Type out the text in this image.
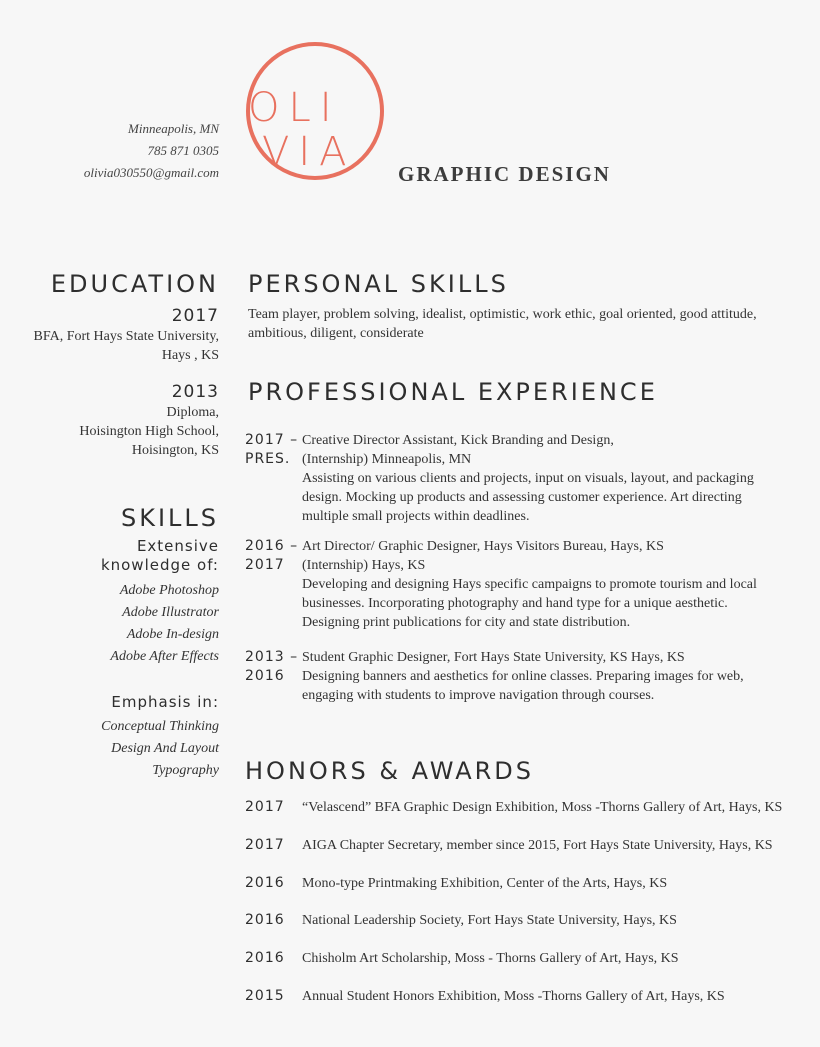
Minneapolis, MN
785 871 0305
olivia030550@gmail.com
OLI
VIA GRAPHIC DESIGN
EDUCATION
2017
BFA, Fort Hays State University,
Hays , KS
2013
Diploma,
Hoisington High School,
Hoisington, KS
SKILLS
Extensive
knowledge of:
Adobe Photoshop
Adobe Illustrator
Adobe In-design
Adobe After Effects
Emphasis in:
Conceptual Thinking
Design And Layout
Typography
PERSONAL SKILLS
Team player, problem solving, idealist, optimistic, work ethic, goal oriented, good attitude,
ambitious, diligent, considerate
PROFESSIONAL EXPERIENCE
2017 –
PRES.
Creative Director Assistant, Kick Branding and Design,
(Internship) Minneapolis, MN
Assisting on various clients and projects, input on visuals, layout, and packaging
design. Mocking up products and assessing customer experience. Art directing
multiple small projects within deadlines.
2016 –
2017
Art Director/ Graphic Designer, Hays Visitors Bureau, Hays, KS
(Internship) Hays, KS
Developing and designing Hays specific campaigns to promote tourism and local
businesses. Incorporating photography and hand type for a unique aesthetic.
Designing print publications for city and state distribution.
2013 –
2016
Student Graphic Designer, Fort Hays State University, KS Hays, KS
Designing banners and aesthetics for online classes. Preparing images for web,
engaging with students to improve navigation through courses.
HONORS & AWARDS
2017 “Velascend” BFA Graphic Design Exhibition, Moss -Thorns Gallery of Art, Hays, KS
2017 AIGA Chapter Secretary, member since 2015, Fort Hays State University, Hays, KS
2016 Mono-type Printmaking Exhibition, Center of the Arts, Hays, KS
2016 National Leadership Society, Fort Hays State University, Hays, KS
2016 Chisholm Art Scholarship, Moss - Thorns Gallery of Art, Hays, KS
2015 Annual Student Honors Exhibition, Moss -Thorns Gallery of Art, Hays, KS
